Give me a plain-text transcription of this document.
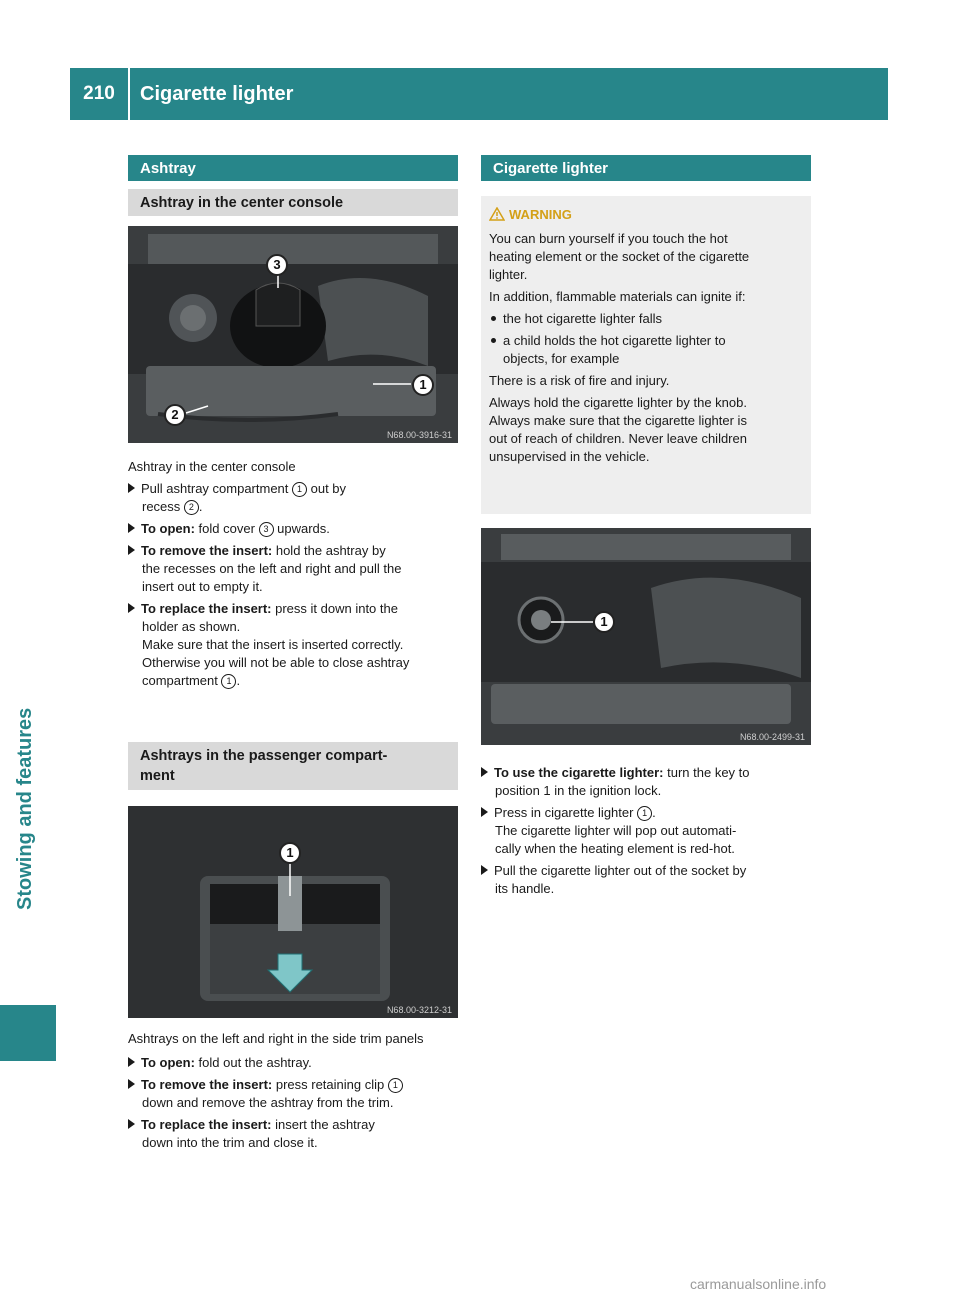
210	Cigarette lighter
Stowing and features
Ashtray
Ashtray in the center console
3
1
2
N68.00-3916-31
Ashtray in the center console
Pull ashtray compartment 1 out by
recess 2 .
To open: fold cover 3 upwards.
To remove the insert: hold the ashtray by
the recesses on the left and right and pull the
insert out to empty it.
To replace the insert: press it down into the
holder as shown.
Make sure that the insert is inserted correctly.
Otherwise you will not be able to close ashtray
compartment 1 .
Ashtrays in the passenger compart-
ment
1
N68.00-3212-31
Ashtrays on the left and right in the side trim panels
To open: fold out the ashtray.
To remove the insert: press retaining clip 1
down and remove the ashtray from the trim.
To replace the insert: insert the ashtray
down into the trim and close it.
Cigarette lighter
WARNING
You can burn yourself if you touch the hot
heating element or the socket of the cigarette
lighter.
In addition, flammable materials can ignite if:
the hot cigarette lighter falls
a child holds the hot cigarette lighter to
objects, for example
There is a risk of fire and injury.
Always hold the cigarette lighter by the knob.
Always make sure that the cigarette lighter is
out of reach of children. Never leave children
unsupervised in the vehicle.
1
N68.00-2499-31
To use the cigarette lighter: turn the key to
position 1 in the ignition lock.
Press in cigarette lighter 1 .
The cigarette lighter will pop out automati-
cally when the heating element is red-hot.
Pull the cigarette lighter out of the socket by
its handle.
carmanualsonline.info
